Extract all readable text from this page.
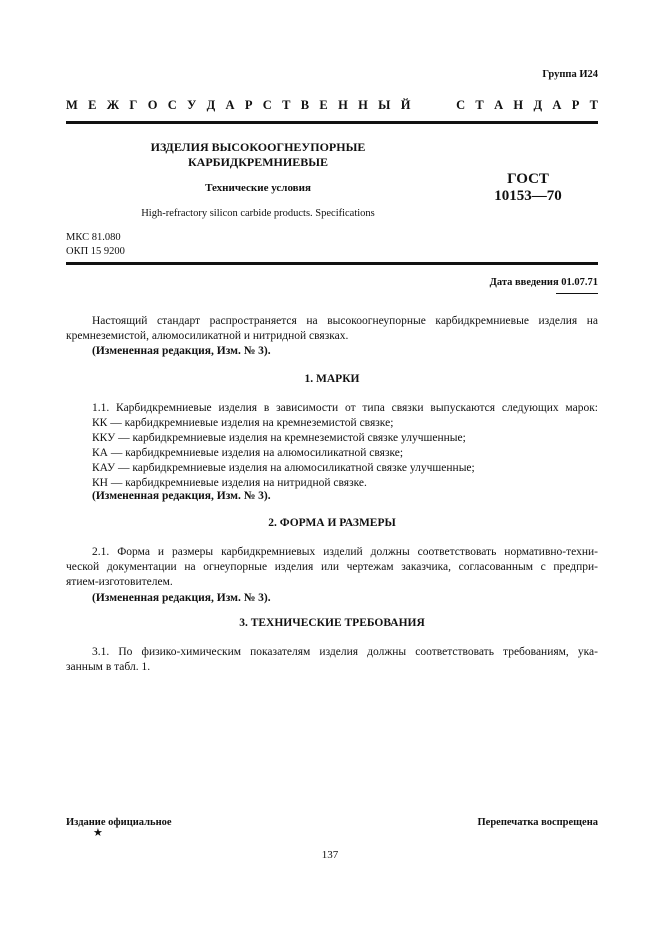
Группа И24
М Е Ж Г О С У Д А Р С Т В Е Н Н Ы Й    С Т А Н Д А Р Т
ИЗДЕЛИЯ ВЫСОКООГНЕУПОРНЫЕ
КАРБИДКРЕМНИЕВЫЕ
Технические условия
High-refractory silicon carbide products. Specifications
ГОСТ
10153—70
МКС 81.080
ОКП 15 9200
Дата введения 01.07.71
Настоящий стандарт распространяется на высокоогнеупорные карбидкремниевые изделия на
кремнеземистой, алюмосиликатной и нитридной связках.
(Измененная редакция, Изм. № 3).
1. МАРКИ
1.1. Карбидкремниевые изделия в зависимости от типа связки выпускаются следующих марок:
КК — карбидкремниевые изделия на кремнеземистой связке;
ККУ — карбидкремниевые изделия на кремнеземистой связке улучшенные;
КА — карбидкремниевые изделия на алюмосиликатной связке;
КАУ — карбидкремниевые изделия на алюмосиликатной связке улучшенные;
КН — карбидкремниевые изделия на нитридной связке.
(Измененная редакция, Изм. № 3).
2. ФОРМА И РАЗМЕРЫ
2.1. Форма и размеры карбидкремниевых изделий должны соответствовать нормативно-техни-
ческой документации на огнеупорные изделия или чертежам заказчика, согласованным с предпри-
ятием-изготовителем.
(Измененная редакция, Изм. № 3).
3. ТЕХНИЧЕСКИЕ ТРЕБОВАНИЯ
3.1. По физико-химическим показателям изделия должны соответствовать требованиям, ука-
занным в табл. 1.
Издание официальное
★
Перепечатка воспрещена
137
